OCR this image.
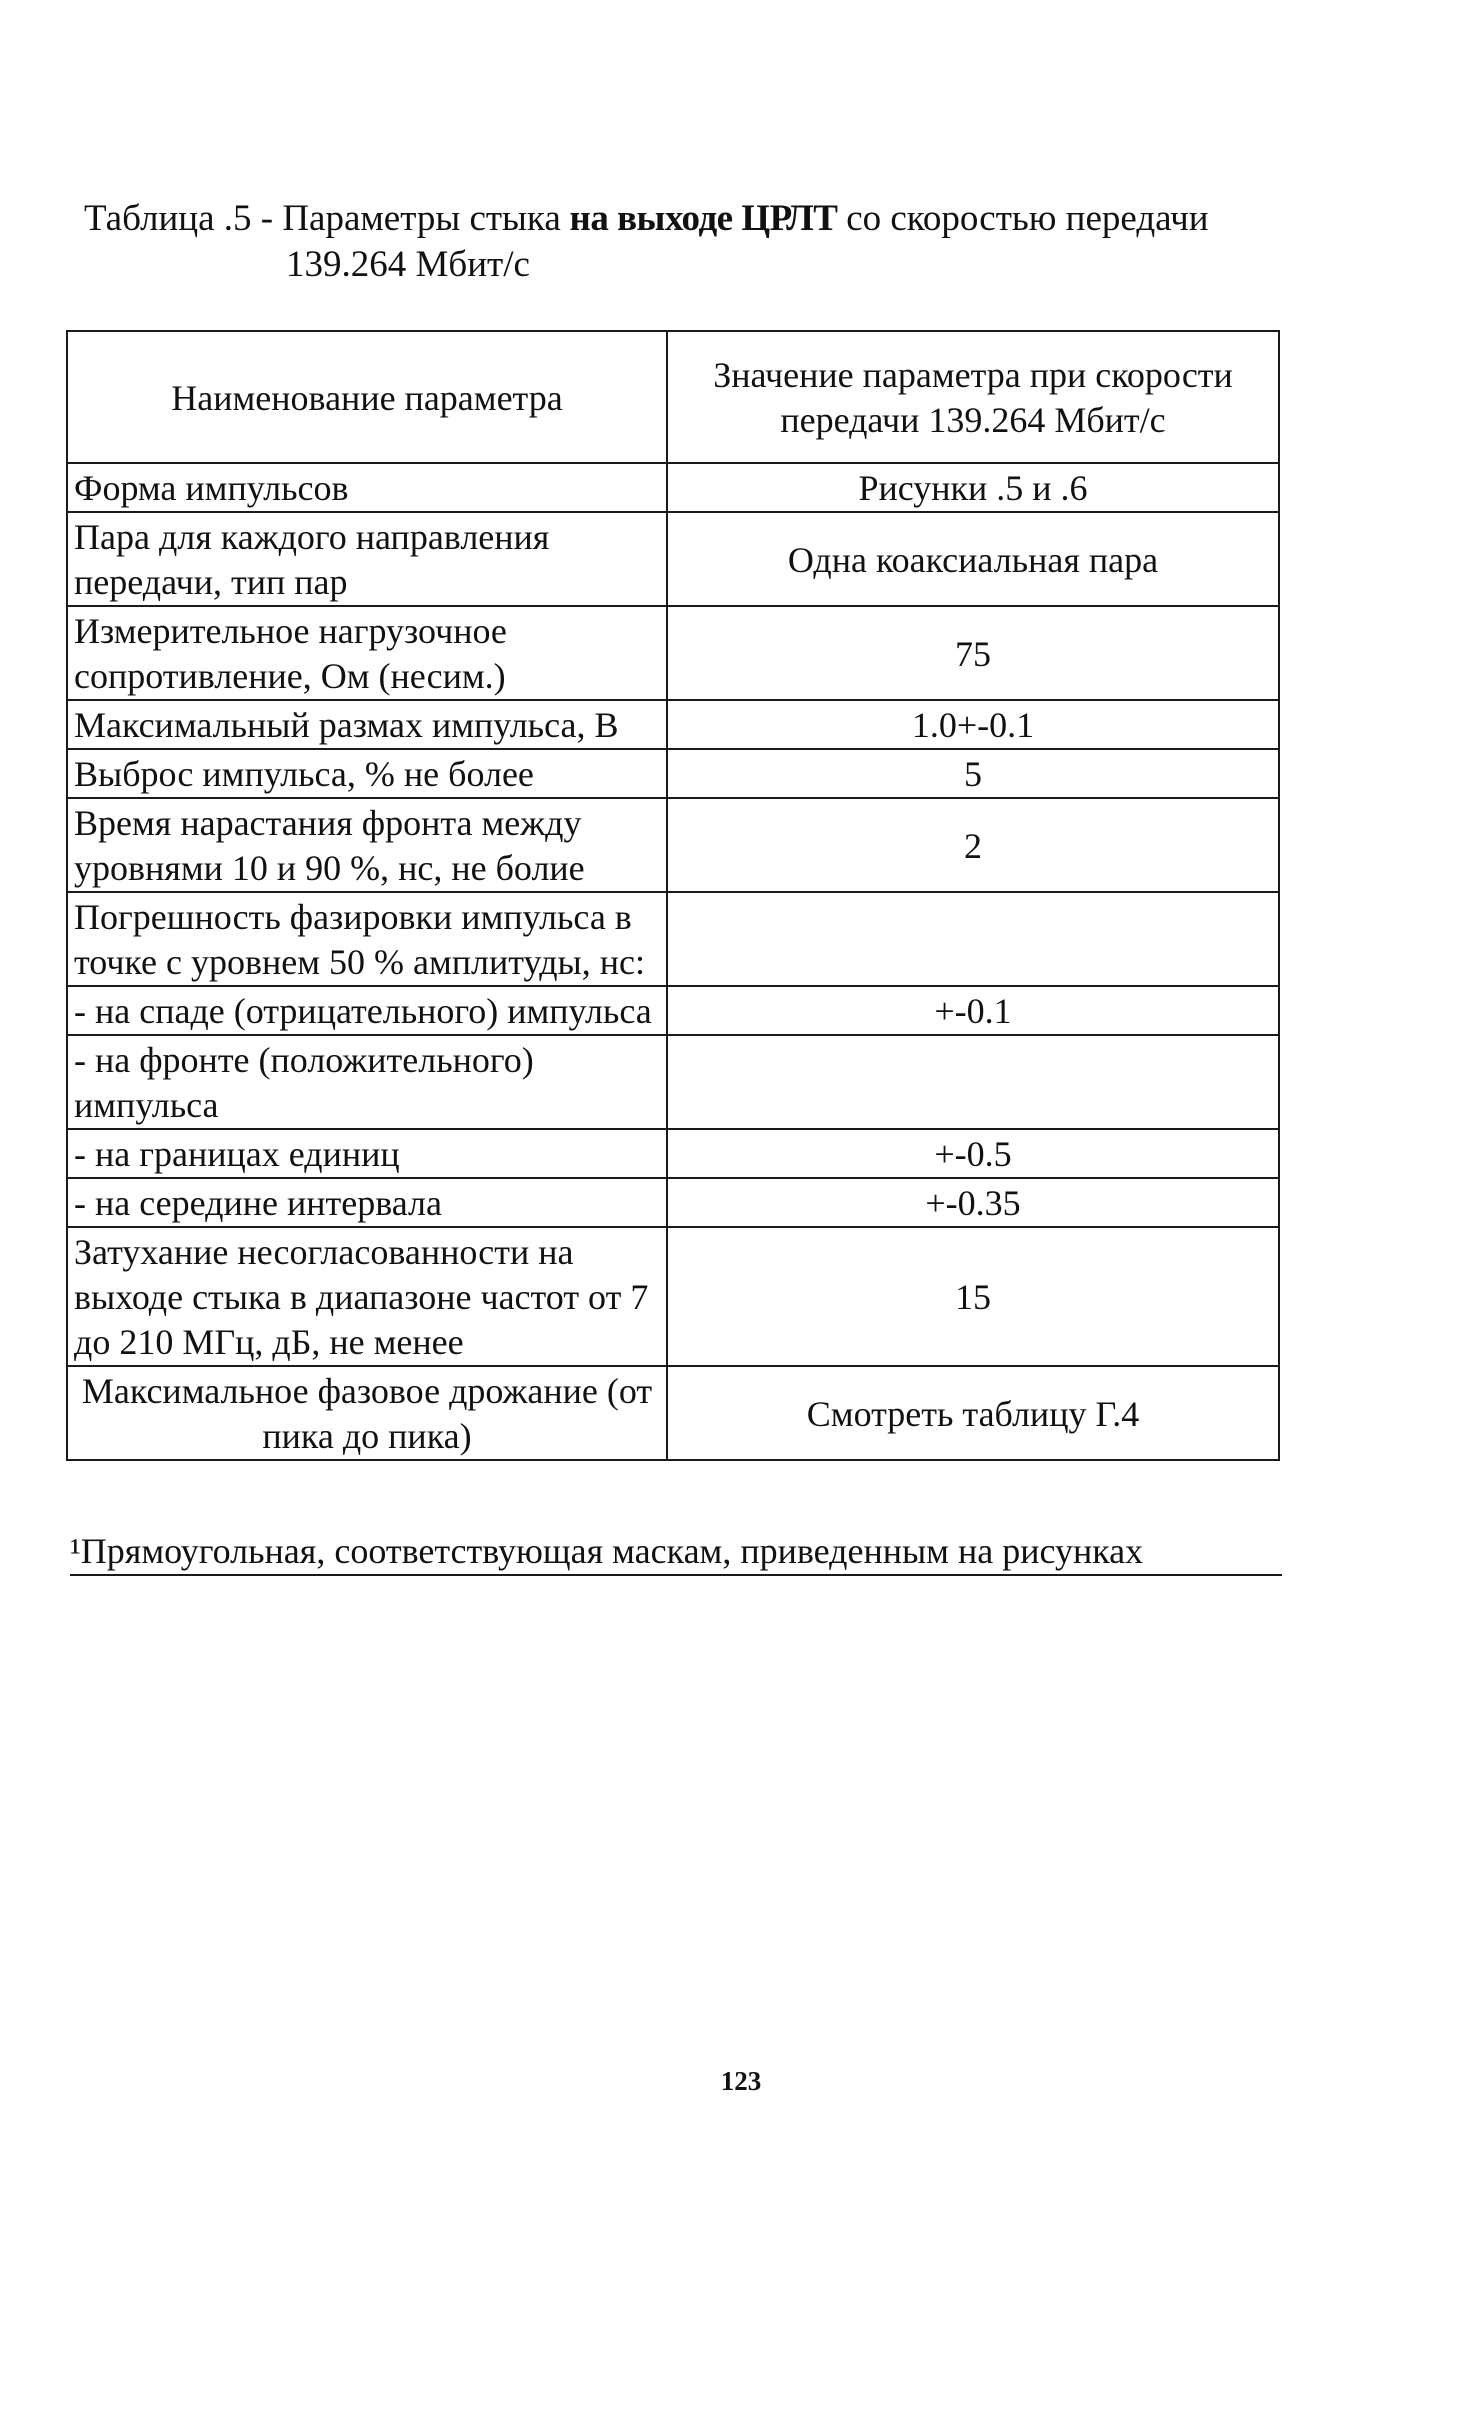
Таблица .5 - Параметры стыка на выходе ЦРЛТ со скоростью передачи
139.264 Мбит/с
Наименование параметра	Значение параметра при скорости передачи 139.264 Мбит/с
Форма импульсов	Рисунки .5 и .6
Пара для каждого направления передачи, тип пар	Одна коаксиальная пара
Измерительное нагрузочное сопротивление, Ом (несим.)	75
Максимальный размах импульса, В	1.0+-0.1
Выброс импульса, % не более	5
Время нарастания фронта между уровнями 10 и 90 %, нс, не болие	2
Погрешность фазировки импульса в точке с уровнем 50 % амплитуды, нс:	
- на спаде (отрицательного) импульса	+-0.1
- на фронте (положительного) импульса	
- на границах единиц	+-0.5
- на середине интервала	+-0.35
Затухание несогласованности на выходе стыка в диапазоне частот от 7 до 210 МГц, дБ, не менее	15
Максимальное фазовое дрожание (от пика до пика)	Смотреть таблицу Г.4
¹Прямоугольная, соответствующая маскам, приведенным на рисунках
123
